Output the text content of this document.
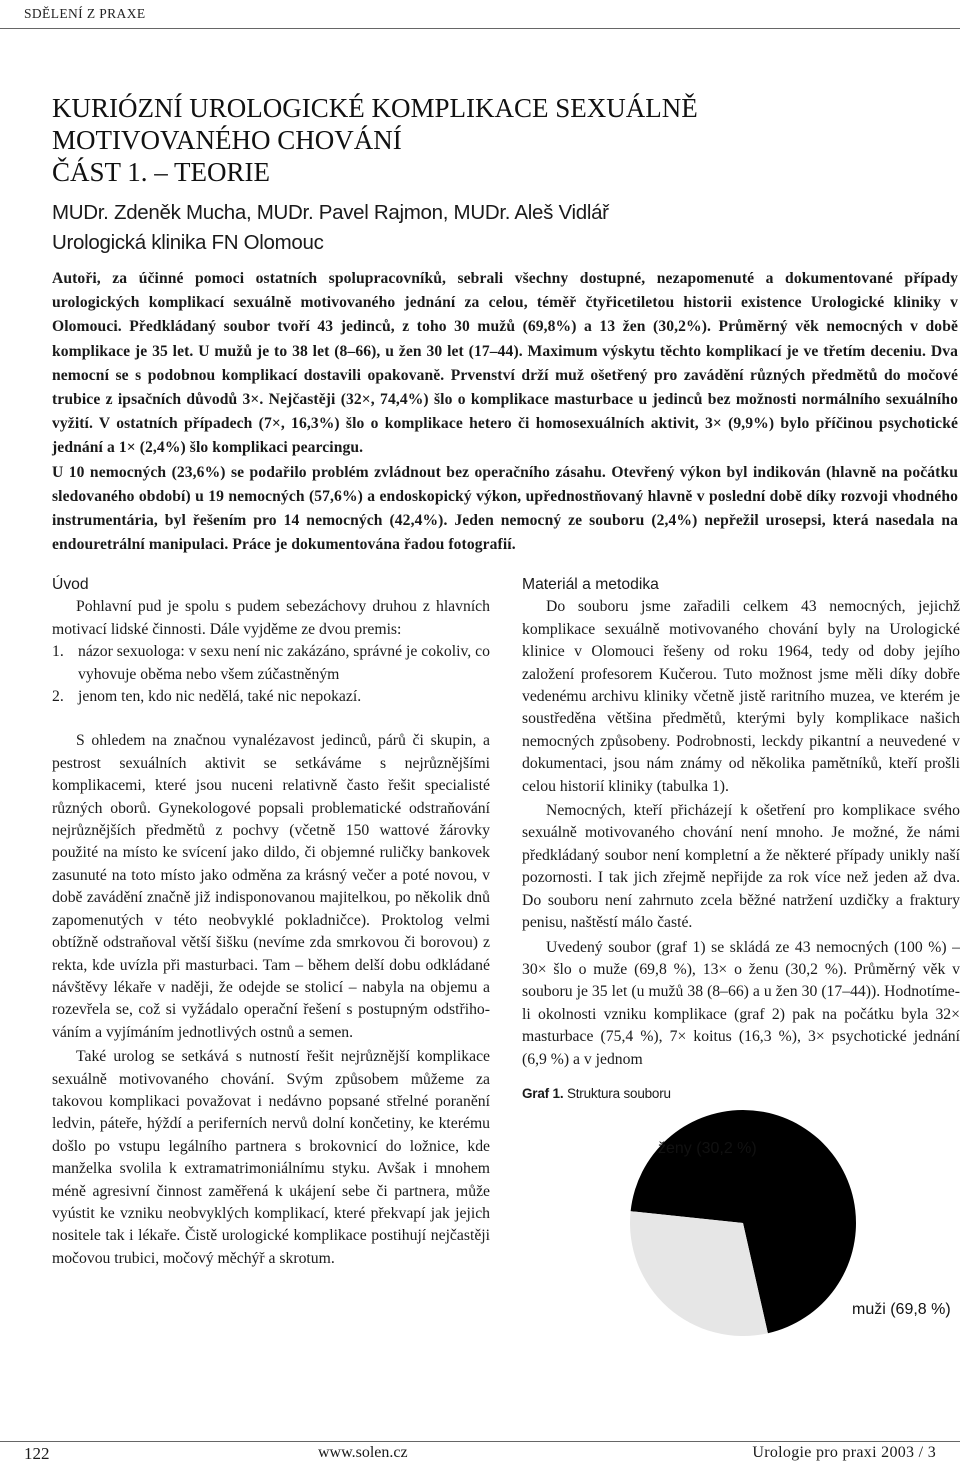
SDĚLENÍ Z PRAXE
KURIÓZNÍ UROLOGICKÉ KOMPLIKACE SEXUÁLNĚ
MOTIVOVANÉHO CHOVÁNÍ
ČÁST 1. – TEORIE
MUDr. Zdeněk Mucha, MUDr. Pavel Rajmon, MUDr. Aleš Vidlář
Urologická klinika FN Olomouc

Autoři, za účinné pomoci ostatních spolupracovníků, sebrali všechny dostupné, nezapomenuté a dokumentované případy urologických komplikací sexuálně motivovaného jednání za celou, téměř čtyřicetiletou historii existence Urologické kliniky v Olomouci. Předkládaný soubor tvoří 43 jedinců, z toho 30 mužů (69,8%) a 13 žen (30,2%). Průměrný věk nemocných v době komplikace je 35 let. U mužů je to 38 let (8–66), u žen 30 let (17–44). Maximum výskytu těchto komplikací je ve třetím deceniu. Dva nemocní se s podobnou komplikací dostavili opakovaně. Prvenství drží muž ošetřený pro zavádění různých předmětů do močové trubice z ipsačních důvodů 3×. Nejčastěji (32×, 74,4%) šlo o komplikace masturbace u jedinců bez možnosti normálního sexuálního vyžití. V ostatních případech (7×, 16,3%) šlo o komplikace hetero či homosexuálních aktivit, 3× (9,9%) bylo příčinou psychotické jednání a 1× (2,4%) šlo komplikaci pearcingu.

U 10 nemocných (23,6%) se podařilo problém zvládnout bez operačního zásahu. Otevřený výkon byl indikován (hlavně na počátku sledovaného období) u 19 nemocných (57,6%) a endoskopický výkon, upřednostňovaný hlavně v poslední době díky rozvoji vhodného instrumentária, byl řešením pro 14 nemocných (42,4%). Jeden nemocný ze souboru (2,4%) nepřežil urosepsi, která nasedala na endouretrální manipulaci. Práce je dokumentována řadou fotografií.

Úvod

Pohlavní pud je spolu s pudem sebezáchovy druhou z hlavních motivací lidské činnosti. Dále vyjděme ze dvou premis:

1. názor sexuologa: v sexu není nic zakázáno, správné je cokoliv, co vyhovuje oběma nebo všem zúčastněným
2. jenom ten, kdo nic nedělá, také nic nepokazí.

S ohledem na značnou vynalézavost jedinců, párů či skupin, a pestrost sexuálních aktivit se setkáváme s nejrůznějšími komplikacemi, které jsou nuceni relativně často řešit specialisté různých oborů. Gynekologové popsali problematické odstraňování nejrůznějších předmětů z pochvy (včetně 150 wattové žárovky použité na místo ke svícení jako dildo, či objemné ruličky bankovek zasunuté na toto místo jako odměna za krásný večer a poté novou, v době zavádění značně již indisponovanou majitelkou, po několik dnů zapomenutých v této neobvyklé pokladničce). Proktolog velmi obtížně odstraňoval větší šišku (nevíme zda smrkovou či borovou) z rekta, kde uvízla při masturbaci. Tam – během delší dobu odkládané návštěvy lékaře v naději, že odejde se stolicí – nabyla na objemu a rozevřela se, což si vyžádalo operační řešení s postupným odstřihováním a vyjímáním jednotlivých ostnů a semen.

Také urolog se setkává s nutností řešit nejrůznější komplikace sexuálně motivovaného chování. Svým způsobem můžeme za takovou komplikaci považovat i nedávno popsané střelné poranění ledvin, páteře, hýždí a periferních nervů dolní končetiny, ke kterému došlo po vstupu legálního partnera s brokovnicí do ložnice, kde manželka svolila k extramatrimoniálnímu styku. Avšak i mnohem méně agresivní činnost zaměřená k ukájení sebe či partnera, může vyústit ke vzniku neobvyklých komplikací, které překvapí jak jejich nositele tak i lékaře. Čistě urologické komplikace postihují nejčastěji močovou trubici, močový měchýř a skrotum.

Materiál a metodika

Do souboru jsme zařadili celkem 43 nemocných, jejichž komplikace sexuálně motivovaného chování byly na Urologické klinice v Olomouci řešeny od roku 1964, tedy od doby jejího založení profesorem Kučerou. Tuto možnost jsme měli díky dobře vedenému archivu kliniky včetně jistě raritního muzea, ve kterém je soustředěna většina předmětů, kterými byly komplikace našich nemocných způsobeny. Podrobnosti, leckdy pikantní a neuvedené v dokumentaci, jsou nám známy od několika pamětníků, kteří prošli celou historií kliniky (tabulka 1).

Nemocných, kteří přicházejí k ošetření pro komplikace svého sexuálně motivovaného chování není mnoho. Je možné, že námi předkládaný soubor není kompletní a že některé případy unikly naší pozornosti. I tak jich zřejmě nepřijde za rok více než jeden až dva. Do souboru není zahrnuto zcela běžné natržení uzdičky a fraktury penisu, naštěstí málo časté.

Uvedený soubor (graf 1) se skládá ze 43 nemocných (100 %) – 30× šlo o muže (69,8 %), 13× o ženu (30,2 %). Průměrný věk v souboru je 35 let (u mužů 38 (8–66) a u žen 30 (17–44)). Hodnotíme-li okolnosti vzniku komplikace (graf 2) pak na počátku byla 32× masturbace (75,4 %), 7× koitus (16,3 %), 3× psychotické jednání (6,9 %) a v jednom

Graf 1. Struktura souboru
muži (69,8 %)
ženy (30,2 %)
122	www.solen.cz	Urologie pro praxi 2003 / 3
